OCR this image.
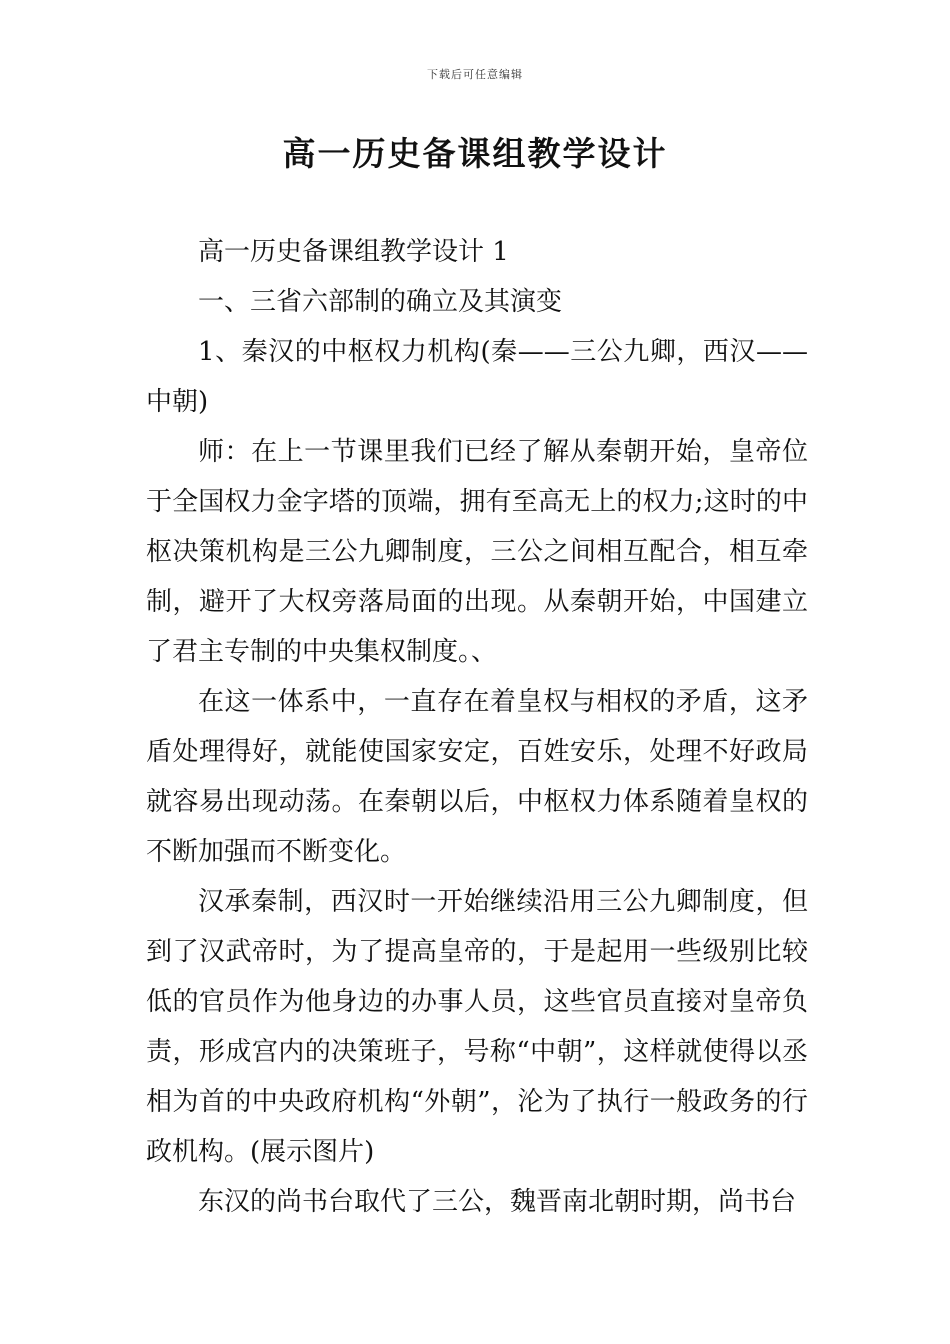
下载后可任意编辑
高一历史备课组教学设计

高一历史备课组教学设计 1

一、三省六部制的确立及其演变

1、秦汉的中枢权力机构(秦——三公九卿，西汉——中朝)

师：在上一节课里我们已经了解从秦朝开始，皇帝位于全国权力金字塔的顶端，拥有至高无上的权力;这时的中枢决策机构是三公九卿制度，三公之间相互配合，相互牵制，避开了大权旁落局面的出现。从秦朝开始，中国建立了君主专制的中央集权制度。、

在这一体系中，一直存在着皇权与相权的矛盾，这矛盾处理得好，就能使国家安定，百姓安乐，处理不好政局就容易出现动荡。在秦朝以后，中枢权力体系随着皇权的不断加强而不断变化。

汉承秦制，西汉时一开始继续沿用三公九卿制度，但到了汉武帝时，为了提高皇帝的，于是起用一些级别比较低的官员作为他身边的办事人员，这些官员直接对皇帝负责，形成宫内的决策班子，号称“中朝”，这样就使得以丞相为首的中央政府机构“外朝”，沦为了执行一般政务的行政机构。(展示图片)

东汉的尚书台取代了三公，魏晋南北朝时期，尚书台
